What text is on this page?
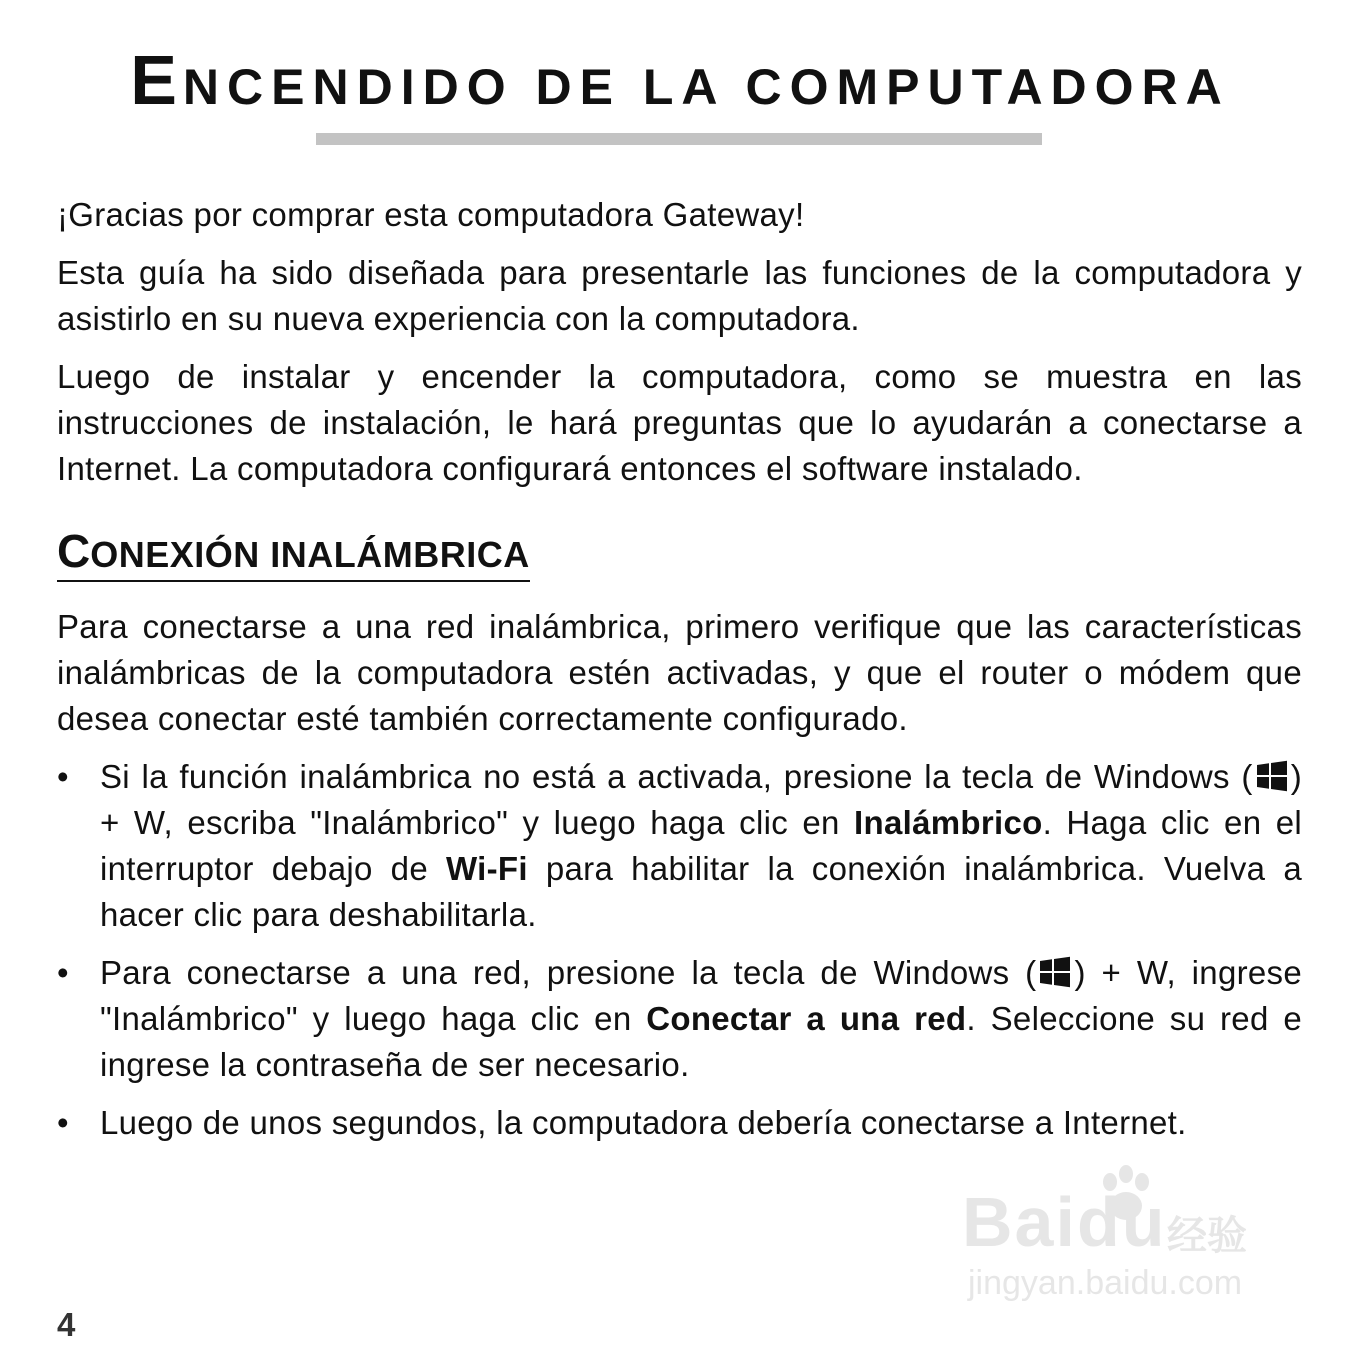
ENCENDIDO DE LA COMPUTADORA

¡Gracias por comprar esta computadora Gateway!

Esta guía ha sido diseñada para presentarle las funciones de la computadora y asistirlo en su nueva experiencia con la computadora.

Luego de instalar y encender la computadora, como se muestra en las instrucciones de instalación, le hará preguntas que lo ayudarán a conectarse a Internet. La computadora configurará entonces el software instalado.

CONEXIÓN INALÁMBRICA

Para conectarse a una red inalámbrica, primero verifique que las características inalámbricas de la computadora estén activadas, y que el router o módem que desea conectar esté también correctamente configurado.

• Si la función inalámbrica no está a activada, presione la tecla de Windows ( ) + W, escriba "Inalámbrico" y luego haga clic en Inalámbrico. Haga clic en el interruptor debajo de Wi-Fi para habilitar la conexión inalámbrica. Vuelva a hacer clic para deshabilitarla.
• Para conectarse a una red, presione la tecla de Windows ( ) + W, ingrese "Inalámbrico" y luego haga clic en Conectar a una red. Seleccione su red e ingrese la contraseña de ser necesario.
• Luego de unos segundos, la computadora debería conectarse a Internet.
4
Baidu 经验
jingyan.baidu.com
